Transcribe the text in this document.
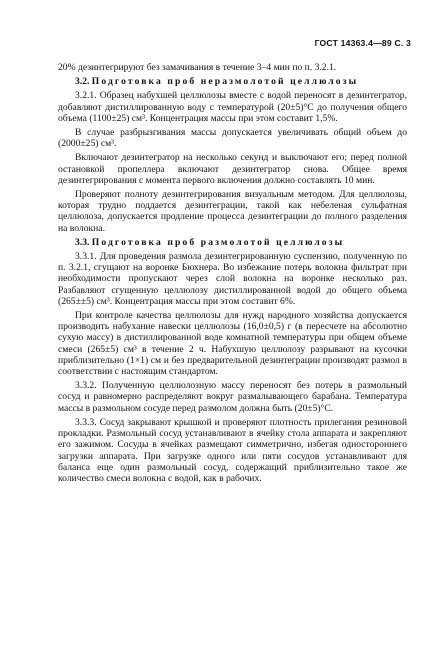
ГОСТ 14363.4—89 С. 3

20% дезинтегрируют без замачивания в течение 3–4 мин по п. 3.2.1.

3.2. Подготовка проб неразмолотой целлюлозы

3.2.1. Образец набухшей целлюлозы вместе с водой переносят в дезинтегратор, добавляют дистиллированную воду с температурой (20±5)°С до получения общего объема (1100±25) см³. Концентрация массы при этом составит 1,5%.

В случае разбрызгивания массы допускается увеличивать общий объем до (2000±25) см³.

Включают дезинтегратор на несколько секунд и выключают его; перед полной остановкой пропеллера включают дезинтегратор снова. Общее время дезинтегрирования с момента первого включения должно составлять 10 мин.

Проверяют полноту дезинтегрирования визуальным методом. Для целлюлозы, которая трудно поддается дезинтеграции, такой как небеленая сульфатная целлюлоза, допускается продление процесса дезинтеграции до полного разделения на волокна.

3.3. Подготовка проб размолотой целлюлозы

3.3.1. Для проведения размола дезинтегрированную суспензию, полученную по п. 3.2.1, сгущают на воронке Бюхнера. Во избежание потерь волокна фильтрат при необходимости пропускают через слой волокна на воронке несколько раз. Разбавляют сгущенную целлюлозу дистиллированной водой до общего объема (265±±5) см³. Концентрация массы при этом составит 6%.

При контроле качества целлюлозы для нужд народного хозяйства допускается производить набухание навески целлюлозы (16,0±0,5) г (в пересчете на абсолютно сухую массу) в дистиллированной воде комнатной температуры при общем объеме смеси (265±5) см³ в течение 2 ч. Набухшую целлюлозу разрывают на кусочки приблизительно (1×1) см и без предварительной дезинтеграции производят размол в соответствии с настоящим стандартом.

3.3.2. Полученную целлюлозную массу переносят без потерь в размольный сосуд и равномерно распределяют вокруг размалывающего барабана. Температура массы в размольном сосуде перед размолом должна быть (20±5)°С.

3.3.3. Сосуд закрывают крышкой и проверяют плотность прилегания резиновой прокладки. Размольный сосуд устанавливают в ячейку стола аппарата и закрепляют его зажимом. Сосуды в ячейках размещают симметрично, избегая одностороннего загрузки аппарата. При загрузке одного или пяти сосудов устанавливают для баланса еще один размольный сосуд, содержащий приблизительно такое же количество смеси волокна с водой, как в рабочих.
